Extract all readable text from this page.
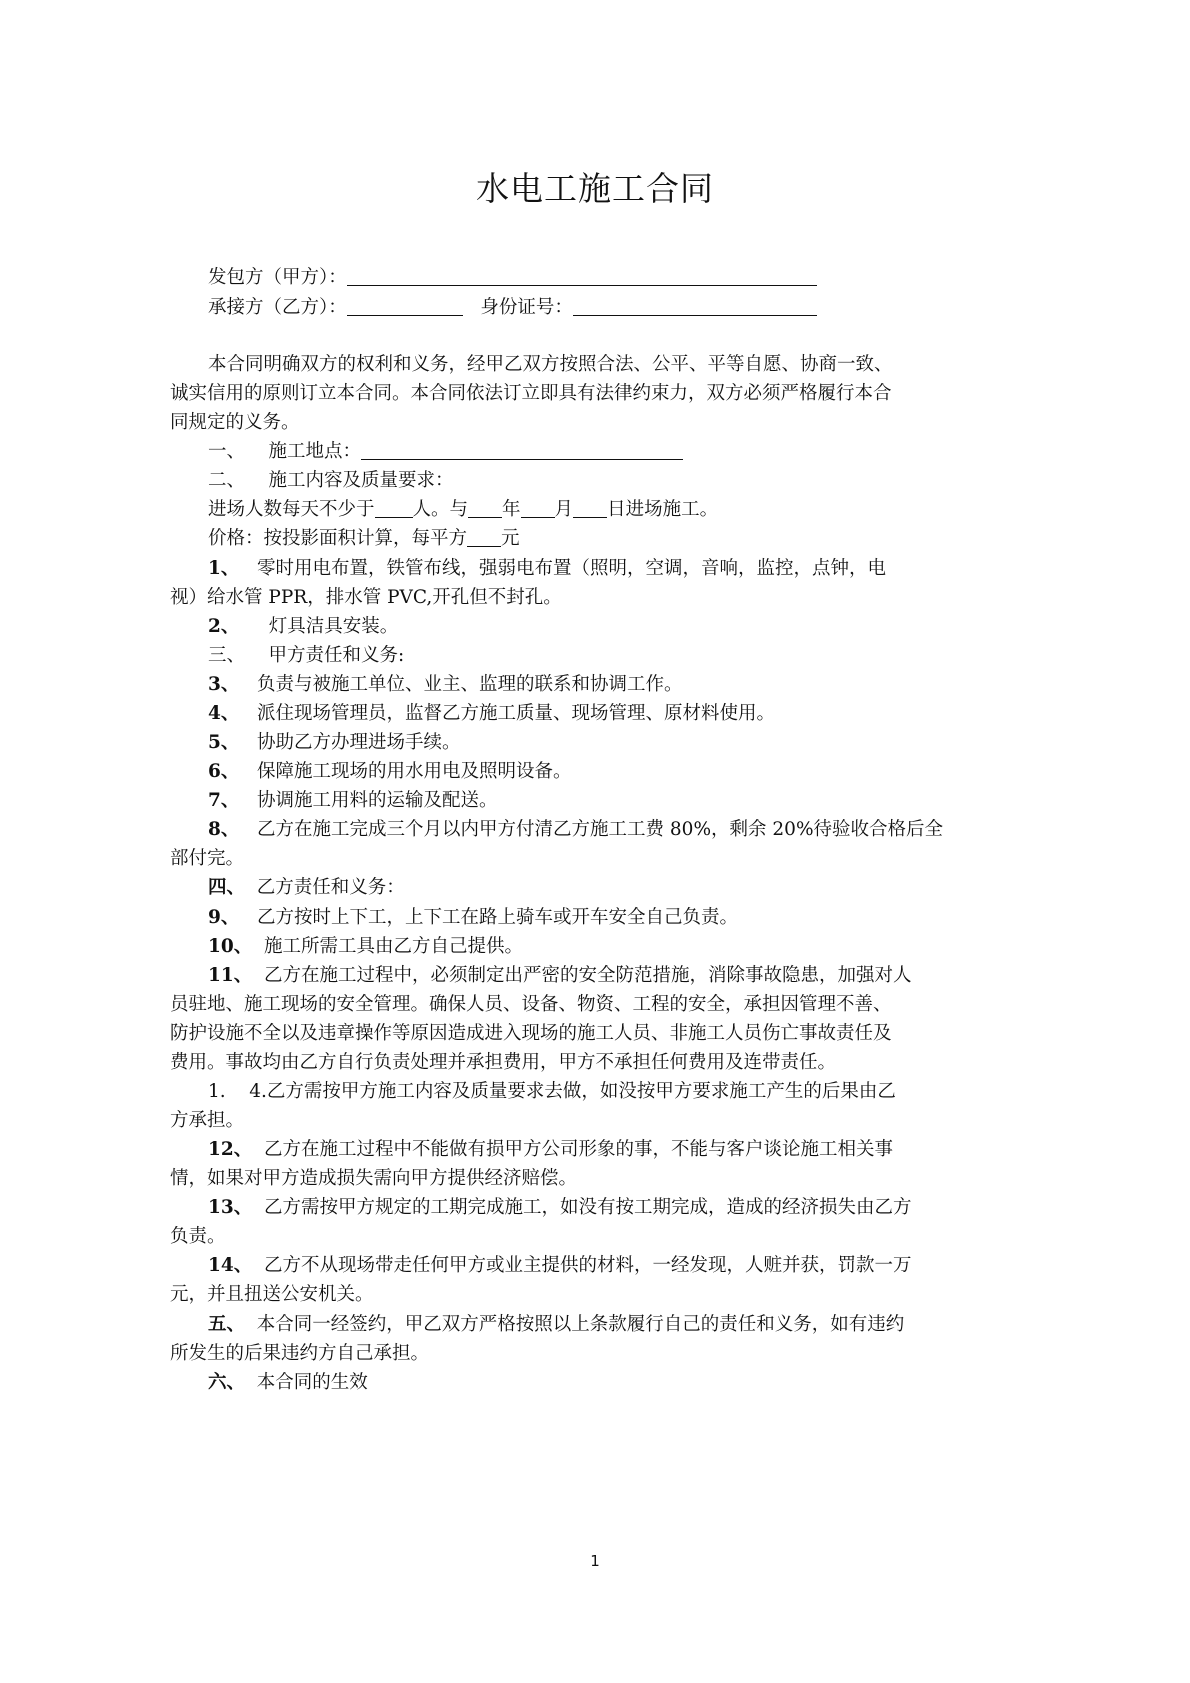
水电工施工合同
发包方（甲方）：
承接方（乙方）：	身份证号：
本合同明确双方的权利和义务，经甲乙双方按照合法、公平、平等自愿、协商一致、
诚实信用的原则订立本合同。本合同依法订立即具有法律约束力，双方必须严格履行本合
同规定的义务。
一、 施工地点：
二、 施工内容及质量要求：
进场人数每天不少于 人。与 年 月 日进场施工。
价格：按投影面积计算，每平方 元
1、 零时用电布置，铁管布线，强弱电布置（照明，空调，音响，监控，点钟，电
视）给水管 PPR，排水管 PVC,开孔但不封孔。
2、 灯具洁具安装。
三、 甲方责任和义务:
3、 负责与被施工单位、业主、监理的联系和协调工作。
4、 派住现场管理员，监督乙方施工质量、现场管理、原材料使用。
5、 协助乙方办理进场手续。
6、 保障施工现场的用水用电及照明设备。
7、 协调施工用料的运输及配送。
8、 乙方在施工完成三个月以内甲方付清乙方施工工费 80%，剩余 20%待验收合格后全
部付完。
四、 乙方责任和义务：
9、 乙方按时上下工，上下工在路上骑车或开车安全自己负责。
10、 施工所需工具由乙方自己提供。
11、 乙方在施工过程中，必须制定出严密的安全防范措施，消除事故隐患，加强对人
员驻地、施工现场的安全管理。确保人员、设备、物资、工程的安全，承担因管理不善、
防护设施不全以及违章操作等原因造成进入现场的施工人员、非施工人员伤亡事故责任及
费用。事故均由乙方自行负责处理并承担费用，甲方不承担任何费用及连带责任。
1. 4.乙方需按甲方施工内容及质量要求去做，如没按甲方要求施工产生的后果由乙
方承担。
12、 乙方在施工过程中不能做有损甲方公司形象的事，不能与客户谈论施工相关事
情，如果对甲方造成损失需向甲方提供经济赔偿。
13、 乙方需按甲方规定的工期完成施工，如没有按工期完成，造成的经济损失由乙方
负责。
14、 乙方不从现场带走任何甲方或业主提供的材料，一经发现，人赃并获，罚款一万
元，并且扭送公安机关。
五、 本合同一经签约，甲乙双方严格按照以上条款履行自己的责任和义务，如有违约
所发生的后果违约方自己承担。
六、 本合同的生效
1
